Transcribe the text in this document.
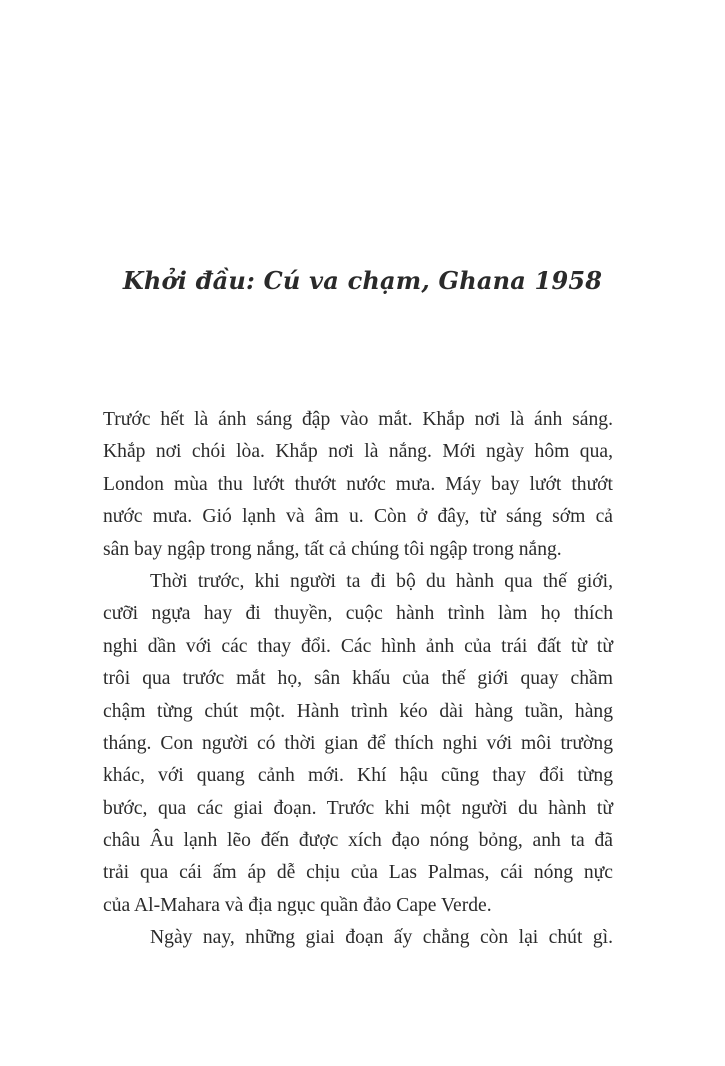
Khởi đầu: Cú va chạm, Ghana 1958
Trước hết là ánh sáng đập vào mắt. Khắp nơi là ánh sáng.
Khắp nơi chói lòa. Khắp nơi là nắng. Mới ngày hôm qua,
London mùa thu lướt thướt nước mưa. Máy bay lướt thướt
nước mưa. Gió lạnh và âm u. Còn ở đây, từ sáng sớm cả
sân bay ngập trong nắng, tất cả chúng tôi ngập trong nắng.
Thời trước, khi người ta đi bộ du hành qua thế giới,
cưỡi ngựa hay đi thuyền, cuộc hành trình làm họ thích
nghi dần với các thay đổi. Các hình ảnh của trái đất từ từ
trôi qua trước mắt họ, sân khấu của thế giới quay chầm
chậm từng chút một. Hành trình kéo dài hàng tuần, hàng
tháng. Con người có thời gian để thích nghi với môi trường
khác, với quang cảnh mới. Khí hậu cũng thay đổi từng
bước, qua các giai đoạn. Trước khi một người du hành từ
châu Âu lạnh lẽo đến được xích đạo nóng bỏng, anh ta đã
trải qua cái ấm áp dễ chịu của Las Palmas, cái nóng nực
của Al-Mahara và địa ngục quần đảo Cape Verde.
Ngày nay, những giai đoạn ấy chẳng còn lại chút gì.
